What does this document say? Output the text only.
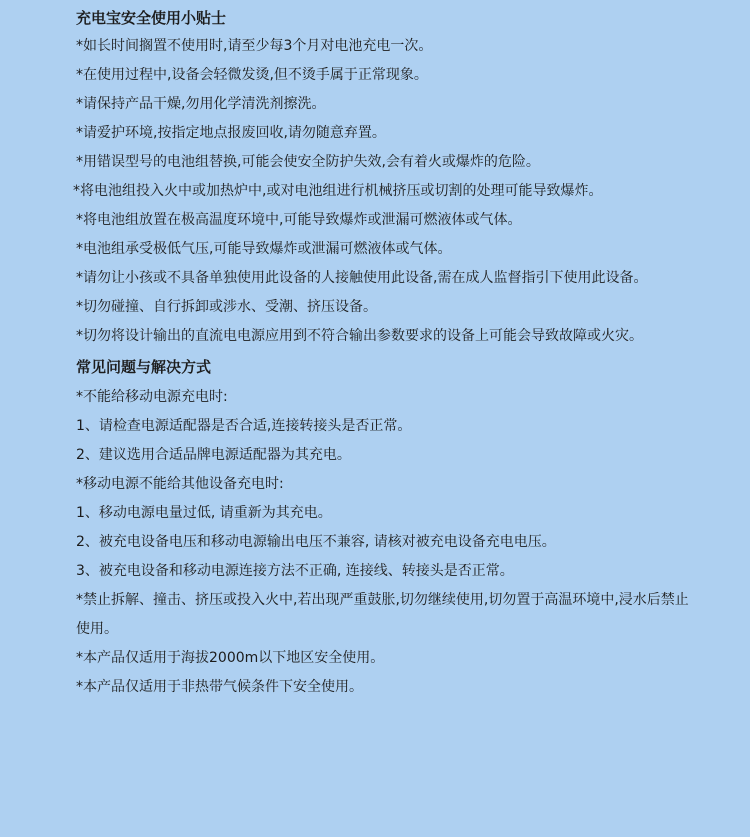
充电宝安全使用小贴士

*如长时间搁置不使用时,请至少每3个月对电池充电一次。

*在使用过程中,设备会轻微发烫,但不烫手属于正常现象。

*请保持产品干燥,勿用化学清洗剂擦洗。

*请爱护环境,按指定地点报废回收,请勿随意弃置。

*用错误型号的电池组替换,可能会使安全防护失效,会有着火或爆炸的危险。

*将电池组投入火中或加热炉中,或对电池组进行机械挤压或切割的处理可能导致爆炸。

*将电池组放置在极高温度环境中,可能导致爆炸或泄漏可燃液体或气体。

*电池组承受极低气压,可能导致爆炸或泄漏可燃液体或气体。

*请勿让小孩或不具备单独使用此设备的人接触使用此设备,需在成人监督指引下使用此设备。

*切勿碰撞、自行拆卸或涉水、受潮、挤压设备。

*切勿将设计输出的直流电电源应用到不符合输出参数要求的设备上可能会导致故障或火灾。

常见问题与解决方式

*不能给移动电源充电时:

1、请检查电源适配器是否合适,连接转接头是否正常。

2、建议选用合适品牌电源适配器为其充电。

*移动电源不能给其他设备充电时:

1、移动电源电量过低, 请重新为其充电。

2、被充电设备电压和移动电源输出电压不兼容, 请核对被充电设备充电电压。

3、被充电设备和移动电源连接方法不正确, 连接线、转接头是否正常。

*禁止拆解、撞击、挤压或投入火中,若出现严重鼓胀,切勿继续使用,切勿置于高温环境中,浸水后禁止使用。

*本产品仅适用于海拔2000m以下地区安全使用。

*本产品仅适用于非热带气候条件下安全使用。
